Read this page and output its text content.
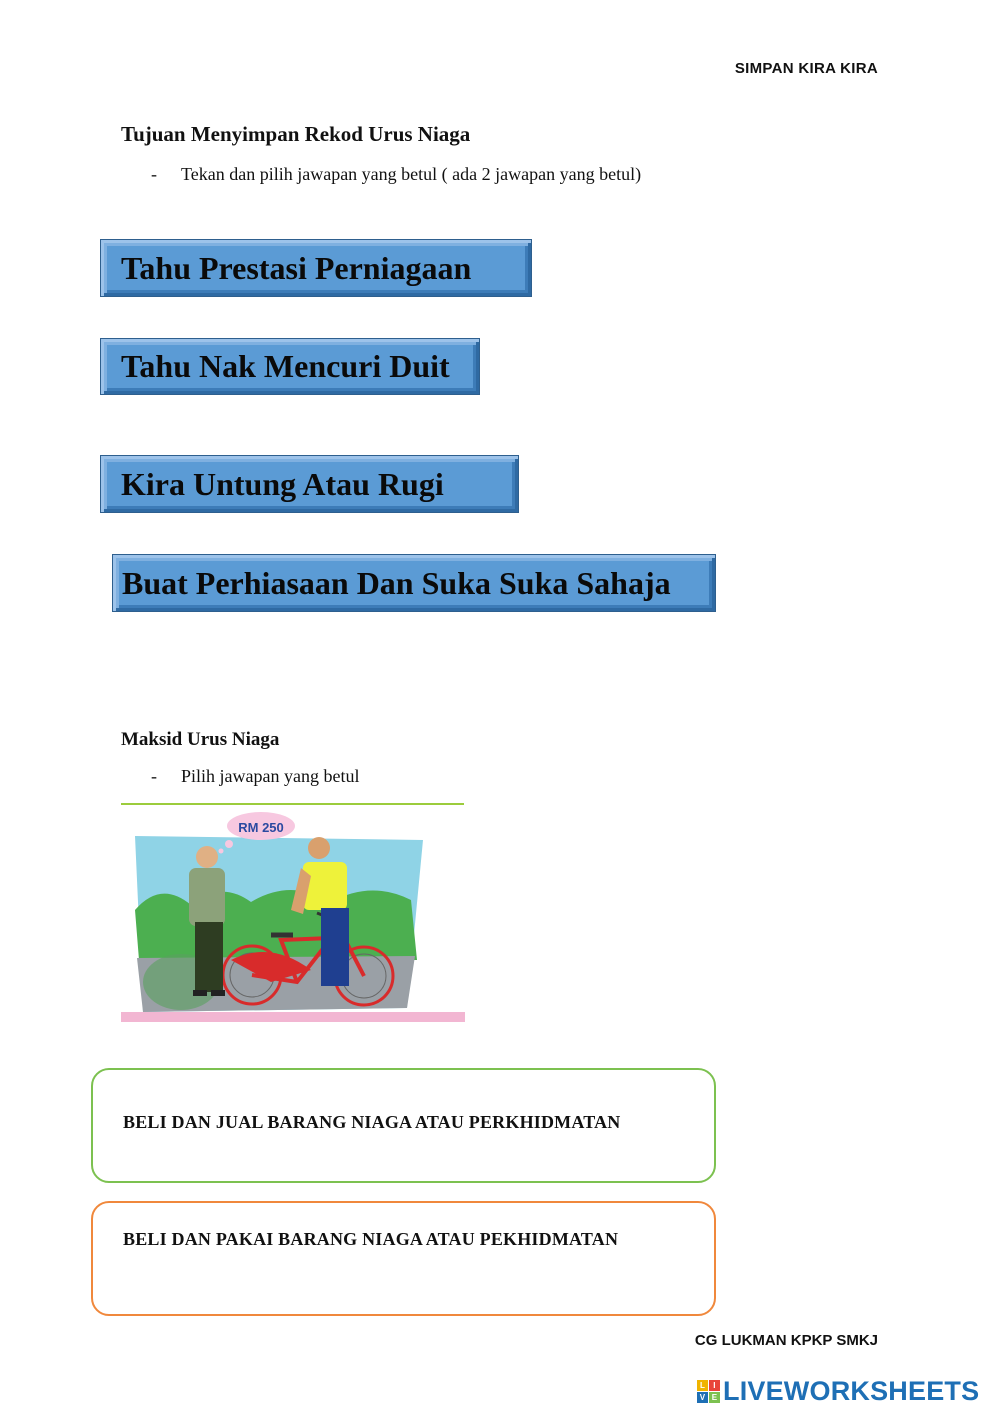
SIMPAN KIRA KIRA
Tujuan Menyimpan Rekod Urus Niaga
-	Tekan dan pilih jawapan yang betul ( ada 2 jawapan yang betul)
Tahu Prestasi Perniagaan
Tahu Nak Mencuri Duit
Kira Untung Atau Rugi
Buat Perhiasaan Dan Suka Suka Sahaja
Maksid Urus Niaga
-	Pilih jawapan yang betul
RM 250
BELI DAN JUAL BARANG NIAGA ATAU PERKHIDMATAN
BELI DAN PAKAI BARANG NIAGA ATAU PEKHIDMATAN
CG LUKMAN KPKP SMKJ
L	I
V E LIVEWORKSHEETS
